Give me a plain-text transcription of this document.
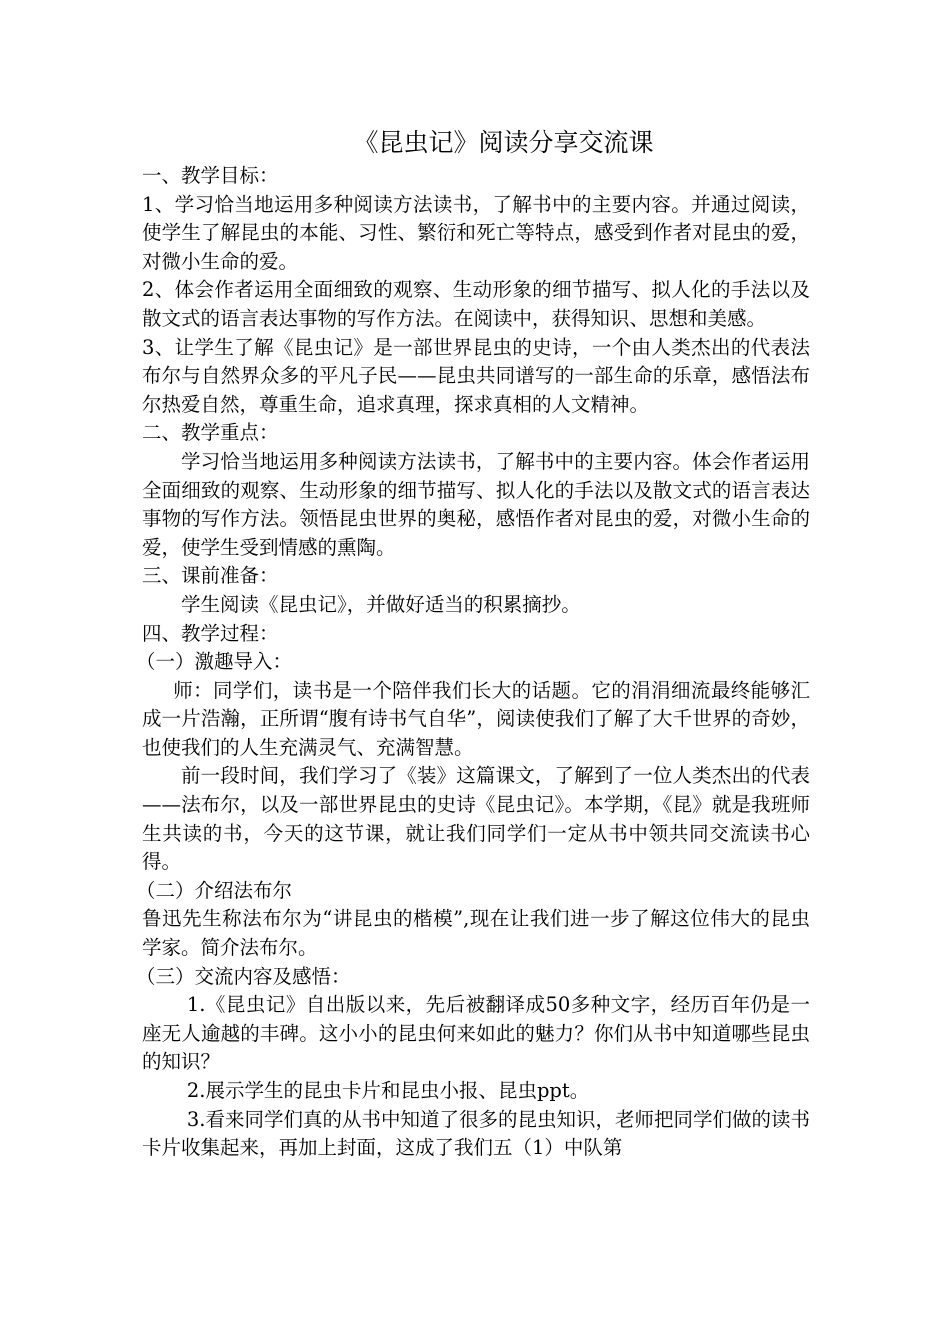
《昆虫记》阅读分享交流课

一、教学目标：

1、学习恰当地运用多种阅读方法读书，了解书中的主要内容。并通过阅读，使学生了解昆虫的本能、习性、繁衍和死亡等特点，感受到作者对昆虫的爱，对微小生命的爱。

2、体会作者运用全面细致的观察、生动形象的细节描写、拟人化的手法以及散文式的语言表达事物的写作方法。在阅读中，获得知识、思想和美感。

3、让学生了解《昆虫记》是一部世界昆虫的史诗，一个由人类杰出的代表法布尔与自然界众多的平凡子民——昆虫共同谱写的一部生命的乐章，感悟法布尔热爱自然，尊重生命，追求真理，探求真相的人文精神。

二、教学重点：

学习恰当地运用多种阅读方法读书，了解书中的主要内容。体会作者运用全面细致的观察、生动形象的细节描写、拟人化的手法以及散文式的语言表达事物的写作方法。领悟昆虫世界的奥秘，感悟作者对昆虫的爱，对微小生命的爱，使学生受到情感的熏陶。

三、课前准备：

学生阅读《昆虫记》，并做好适当的积累摘抄。

四、教学过程：

（一）激趣导入：

师：同学们，读书是一个陪伴我们长大的话题。它的涓涓细流最终能够汇成一片浩瀚，正所谓“腹有诗书气自华”，阅读使我们了解了大千世界的奇妙，也使我们的人生充满灵气、充满智慧。

前一段时间，我们学习了《装》这篇课文，了解到了一位人类杰出的代表——法布尔，以及一部世界昆虫的史诗《昆虫记》。本学期，《昆》就是我班师生共读的书，今天的这节课，就让我们同学们一定从书中领共同交流读书心得。

（二）介绍法布尔

鲁迅先生称法布尔为“讲昆虫的楷模”,现在让我们进一步了解这位伟大的昆虫学家。简介法布尔。

（三）交流内容及感悟：

1.《昆虫记》自出版以来，先后被翻译成50多种文字，经历百年仍是一座无人逾越的丰碑。这小小的昆虫何来如此的魅力？你们从书中知道哪些昆虫的知识？

2.展示学生的昆虫卡片和昆虫小报、昆虫ppt。

3.看来同学们真的从书中知道了很多的昆虫知识，老师把同学们做的读书卡片收集起来，再加上封面，这成了我们五（1）中队第
